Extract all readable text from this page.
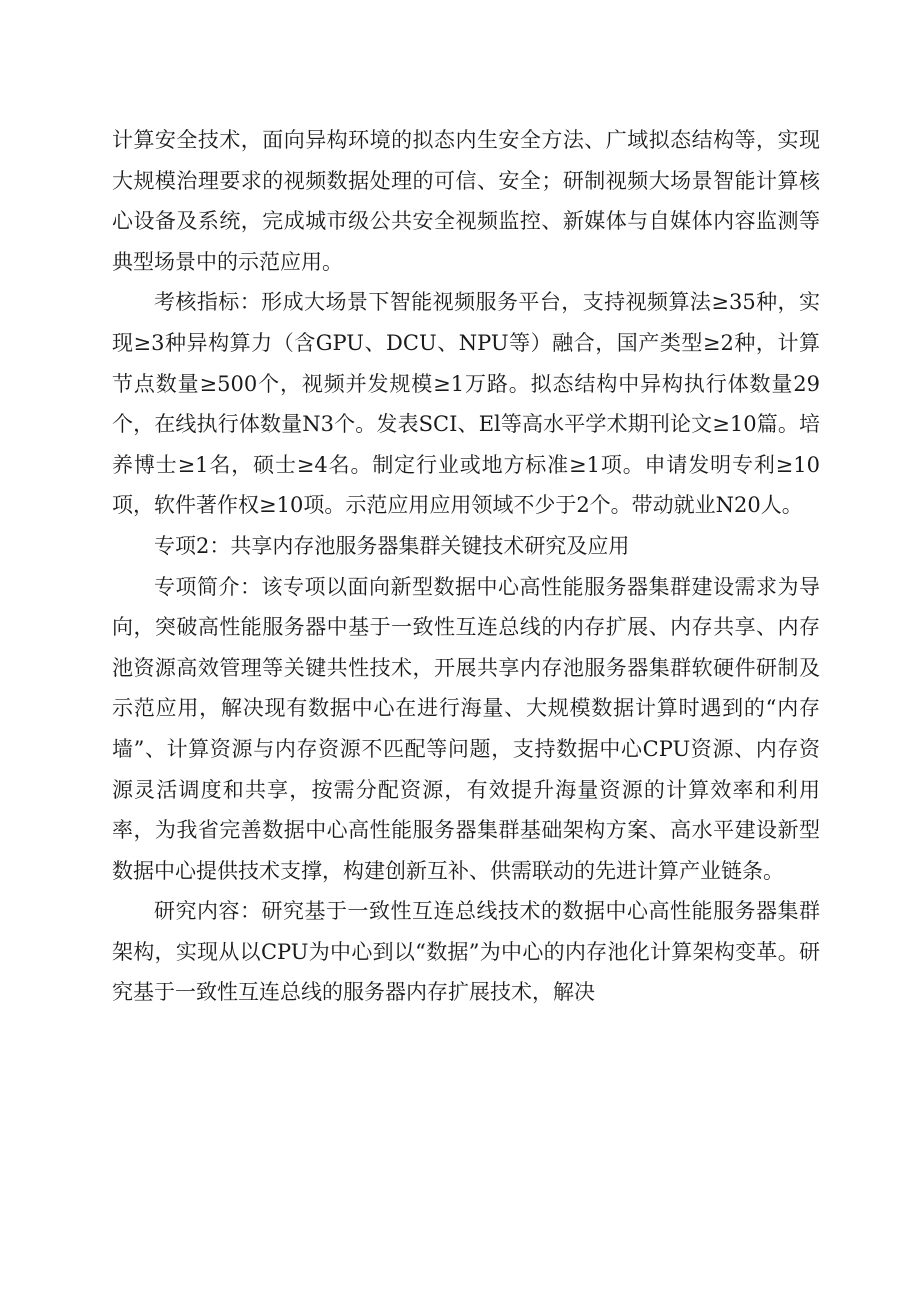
计算安全技术，面向异构环境的拟态内生安全方法、广域拟态结构等，实现大规模治理要求的视频数据处理的可信、安全；研制视频大场景智能计算核心设备及系统，完成城市级公共安全视频监控、新媒体与自媒体内容监测等典型场景中的示范应用。

考核指标：形成大场景下智能视频服务平台，支持视频算法≥35种，实现≥3种异构算力（含GPU、DCU、NPU等）融合，国产类型≥2种，计算节点数量≥500个，视频并发规模≥1万路。拟态结构中异构执行体数量29个，在线执行体数量N3个。发表SCI、El等高水平学术期刊论文≥10篇。培养博士≥1名，硕士≥4名。制定行业或地方标准≥1项。申请发明专利≥10项，软件著作权≥10项。示范应用应用领域不少于2个。带动就业N20人。

专项2：共享内存池服务器集群关键技术研究及应用

专项简介：该专项以面向新型数据中心高性能服务器集群建设需求为导向，突破高性能服务器中基于一致性互连总线的内存扩展、内存共享、内存池资源高效管理等关键共性技术，开展共享内存池服务器集群软硬件研制及示范应用，解决现有数据中心在进行海量、大规模数据计算时遇到的“内存墙”、计算资源与内存资源不匹配等问题，支持数据中心CPU资源、内存资源灵活调度和共享，按需分配资源，有效提升海量资源的计算效率和利用率，为我省完善数据中心高性能服务器集群基础架构方案、高水平建设新型数据中心提供技术支撑，构建创新互补、供需联动的先进计算产业链条。

研究内容：研究基于一致性互连总线技术的数据中心高性能服务器集群架构，实现从以CPU为中心到以“数据”为中心的内存池化计算架构变革。研究基于一致性互连总线的服务器内存扩展技术，解决
